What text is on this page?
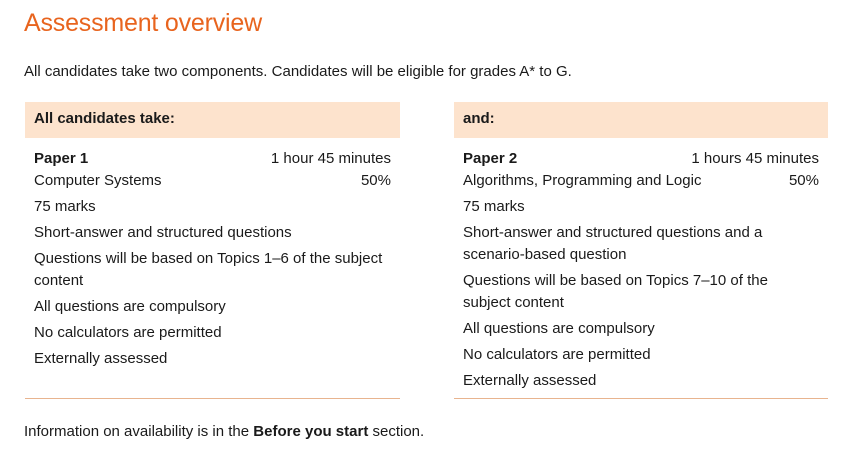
Assessment overview
All candidates take two components. Candidates will be eligible for grades A* to G.
All candidates take:
Paper 1	1 hour 45 minutes
Computer Systems	50%
75 marks
Short-answer and structured questions
Questions will be based on Topics 1–6 of the subject content
All questions are compulsory
No calculators are permitted
Externally assessed
and:
Paper 2	1 hours 45 minutes
Algorithms, Programming and Logic	50%
75 marks
Short-answer and structured questions and a scenario-based question
Questions will be based on Topics 7–10 of the subject content
All questions are compulsory
No calculators are permitted
Externally assessed
Information on availability is in the Before you start section.
